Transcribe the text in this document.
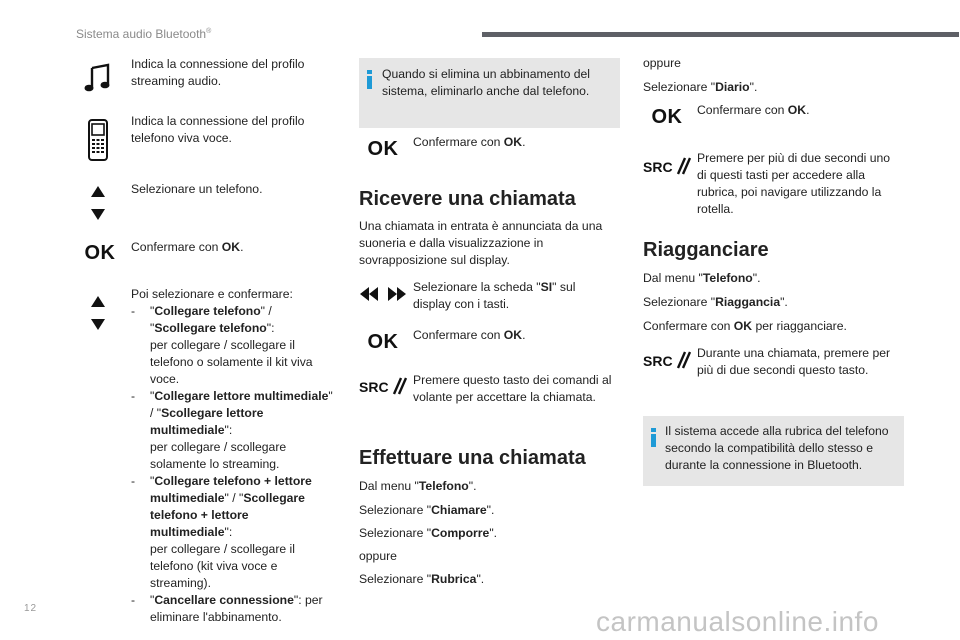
Sistema audio Bluetooth®
Indica la connessione del profilo streaming audio.
Indica la connessione del profilo telefono viva voce.
Selezionare un telefono.
OK Confermare con OK.
Poi selezionare e confermare:
- "Collegare telefono" / "Scollegare telefono":
per collegare / scollegare il telefono o solamente il kit viva voce.
- "Collegare lettore multimediale" / "Scollegare lettore multimediale":
per collegare / scollegare solamente lo streaming.
- "Collegare telefono + lettore multimediale" / "Scollegare telefono + lettore multimediale":
per collegare / scollegare il telefono (kit viva voce e streaming).
- "Cancellare connessione": per eliminare l'abbinamento.
Quando si elimina un abbinamento del sistema, eliminarlo anche dal telefono.
OK Confermare con OK.
Ricevere una chiamata
Una chiamata in entrata è annunciata da una suoneria e dalla visualizzazione in sovrapposizione sul display.
Selezionare la scheda "SI" sul display con i tasti.
OK Confermare con OK.
SRC Premere questo tasto dei comandi al volante per accettare la chiamata.
Effettuare una chiamata
Dal menu "Telefono".
Selezionare "Chiamare".
Selezionare "Comporre".
oppure
Selezionare "Rubrica".
oppure
Selezionare "Diario".
OK Confermare con OK.
SRC
Premere per più di due secondi uno di questi tasti per accedere alla rubrica, poi navigare utilizzando la rotella.
Riagganciare
Dal menu "Telefono".
Selezionare "Riaggancia".
Confermare con OK per riagganciare.
SRC Durante una chiamata, premere per più di due secondi questo tasto.
Il sistema accede alla rubrica del telefono secondo la compatibilità dello stesso e durante la connessione in Bluetooth.
12	carmanualsonline.info
